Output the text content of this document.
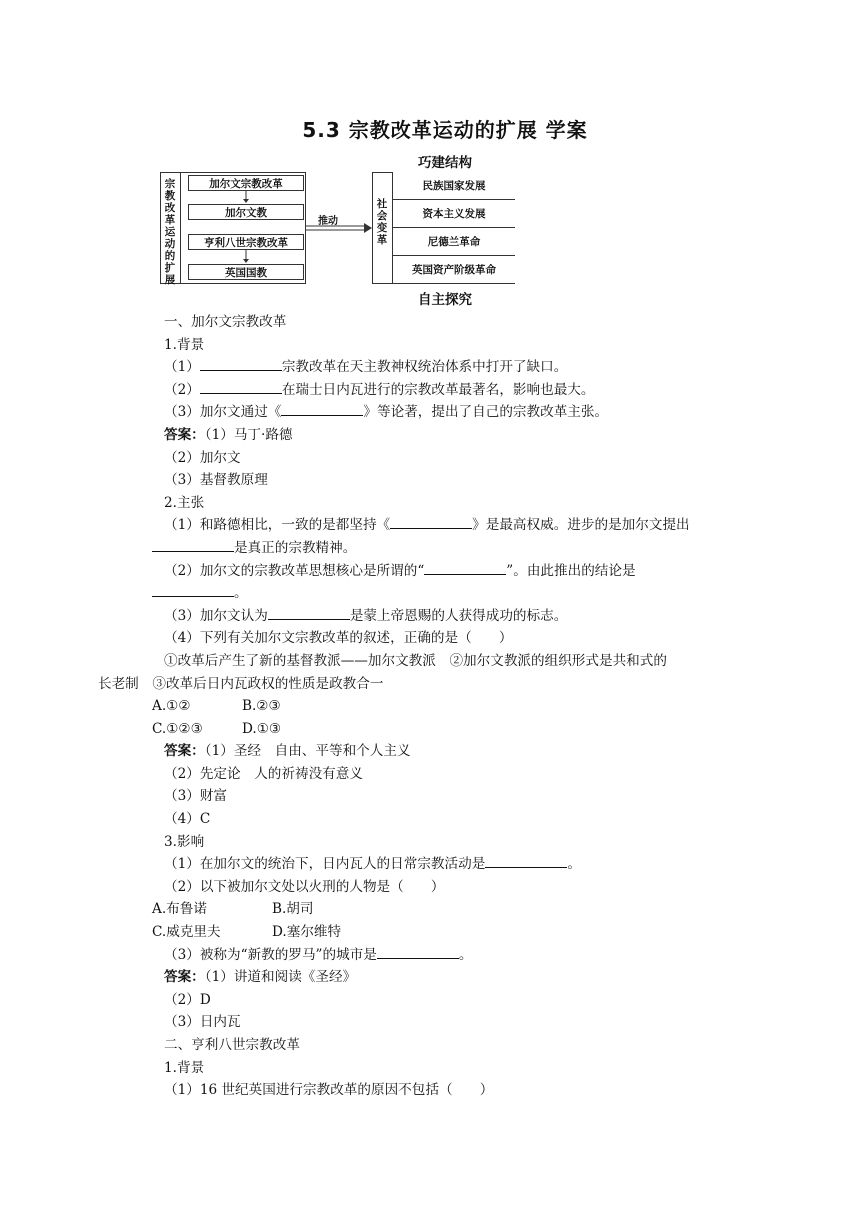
5.3 宗教改革运动的扩展 学案
巧建结构
宗教改革运动的扩展
加尔文宗教改革
加尔文教
亨利八世宗教改革
英国国教
推动
社会变革
民族国家发展
资本主义发展
尼德兰革命
英国资产阶级革命
自主探究
一、加尔文宗教改革
1.背景
（1）	宗教改革在天主教神权统治体系中打开了缺口。
（2）	在瑞士日内瓦进行的宗教改革最著名，影响也最大。
（3）加尔文通过《	》等论著，提出了自己的宗教改革主张。
答案：（1）马丁·路德
（2）加尔文
（3）基督教原理
2.主张
（1）和路德相比，一致的是都坚持《	》是最高权威。进步的是加尔文提出
是真正的宗教精神。
（2）加尔文的宗教改革思想核心是所谓的“	”。由此推出的结论是
。
（3）加尔文认为	是蒙上帝恩赐的人获得成功的标志。
（4）下列有关加尔文宗教改革的叙述，正确的是（　　）
①改革后产生了新的基督教派——加尔文教派　②加尔文教派的组织形式是共和式的
长老制　③改革后日内瓦政权的性质是政教合一
A.①②	B.②③
C.①②③	D.①③
答案：（1）圣经　自由、平等和个人主义
（2）先定论　人的祈祷没有意义
（3）财富
（4）C
3.影响
（1）在加尔文的统治下，日内瓦人的日常宗教活动是	。
（2）以下被加尔文处以火刑的人物是（　　）
A.布鲁诺	B.胡司
C.威克里夫	D.塞尔维特
（3）被称为“新教的罗马”的城市是	。
答案：（1）讲道和阅读《圣经》
（2）D
（3）日内瓦
二、亨利八世宗教改革
1.背景
（1）16 世纪英国进行宗教改革的原因不包括（　　）
